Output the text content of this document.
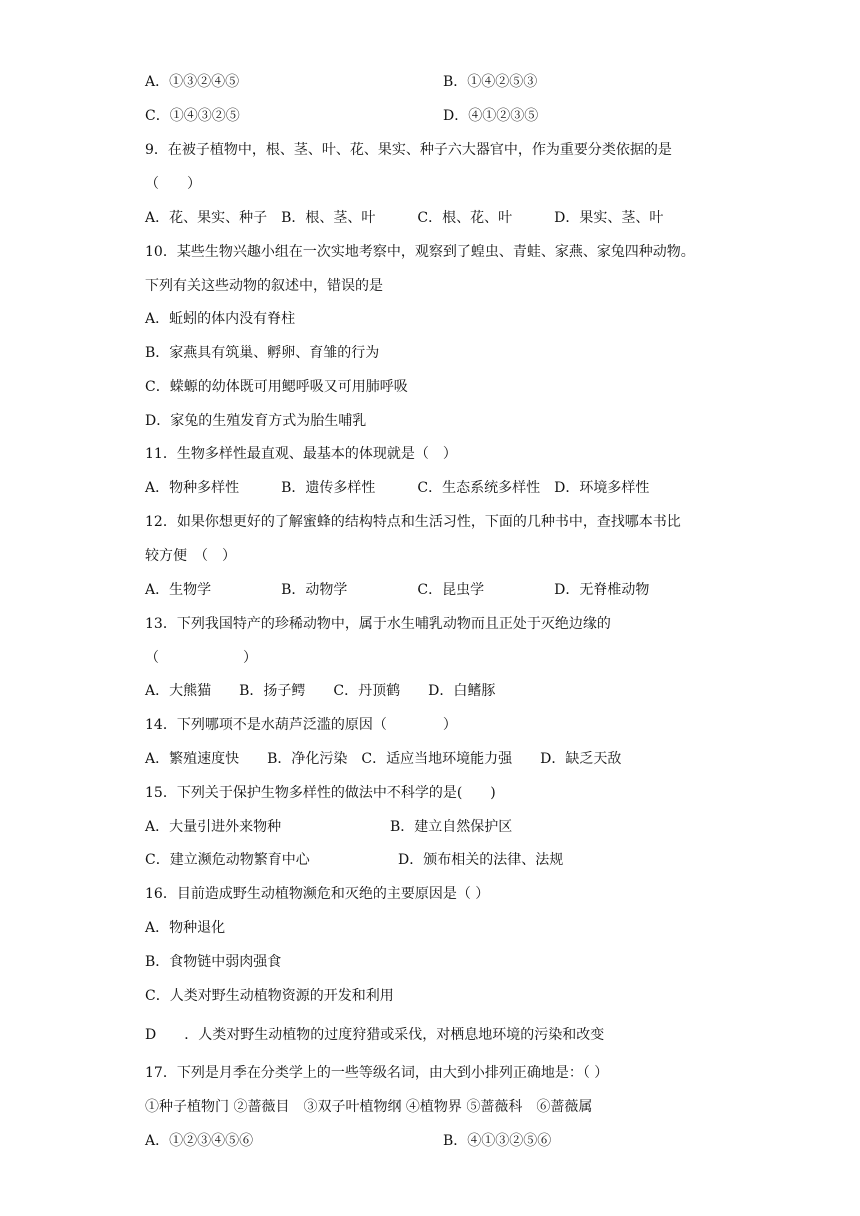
A．①③②④⑤	B．①④②⑤③
C．①④③②⑤	D．④①②③⑤
9．在被子植物中，根、茎、叶、花、果实、种子六大器官中，作为重要分类依据的是
（　　）
A．花、果实、种子　B．根、茎、叶　　　C．根、花、叶　　　D．果实、茎、叶
10．某些生物兴趣小组在一次实地考察中，观察到了蝗虫、青蛙、家燕、家兔四种动物。
下列有关这些动物的叙述中，错误的是
A．蚯蚓的体内没有脊柱
B．家燕具有筑巢、孵卵、育雏的行为
C．蝾螈的幼体既可用鳃呼吸又可用肺呼吸
D．家兔的生殖发育方式为胎生哺乳
11．生物多样性最直观、最基本的体现就是（　）
A．物种多样性　　　B．遗传多样性　　　C．生态系统多样性　D．环境多样性
12．如果你想更好的了解蜜蜂的结构特点和生活习性，下面的几种书中，查找哪本书比
较方便　（　）
A．生物学　　　　　B．动物学　　　　　C．昆虫学　　　　　D．无脊椎动物
13．下列我国特产的珍稀动物中，属于水生哺乳动物而且正处于灭绝边缘的
（　　　　　　）
A．大熊猫　　B．扬子鳄　　C．丹顶鹤　　D．白鳍豚
14．下列哪项不是水葫芦泛滥的原因（　　　　）
A．繁殖速度快　　B．净化污染　C．适应当地环境能力强　　D．缺乏天敌
15．下列关于保护生物多样性的做法中不科学的是(　　)
A．大量引进外来物种	B．建立自然保护区
C．建立濒危动物繁育中心	D．颁布相关的法律、法规
16．目前造成野生动植物濒危和灭绝的主要原因是（ ）
A．物种退化
B．食物链中弱肉强食
C．人类对野生动植物资源的开发和利用
D　　．人类对野生动植物的过度狩猎或采伐，对栖息地环境的污染和改变
17．下列是月季在分类学上的一些等级名词，由大到小排列正确地是：（ ）
①种子植物门 ②蔷薇目　③双子叶植物纲 ④植物界 ⑤蔷薇科　⑥蔷薇属
A．①②③④⑤⑥	B．④①③②⑤⑥
